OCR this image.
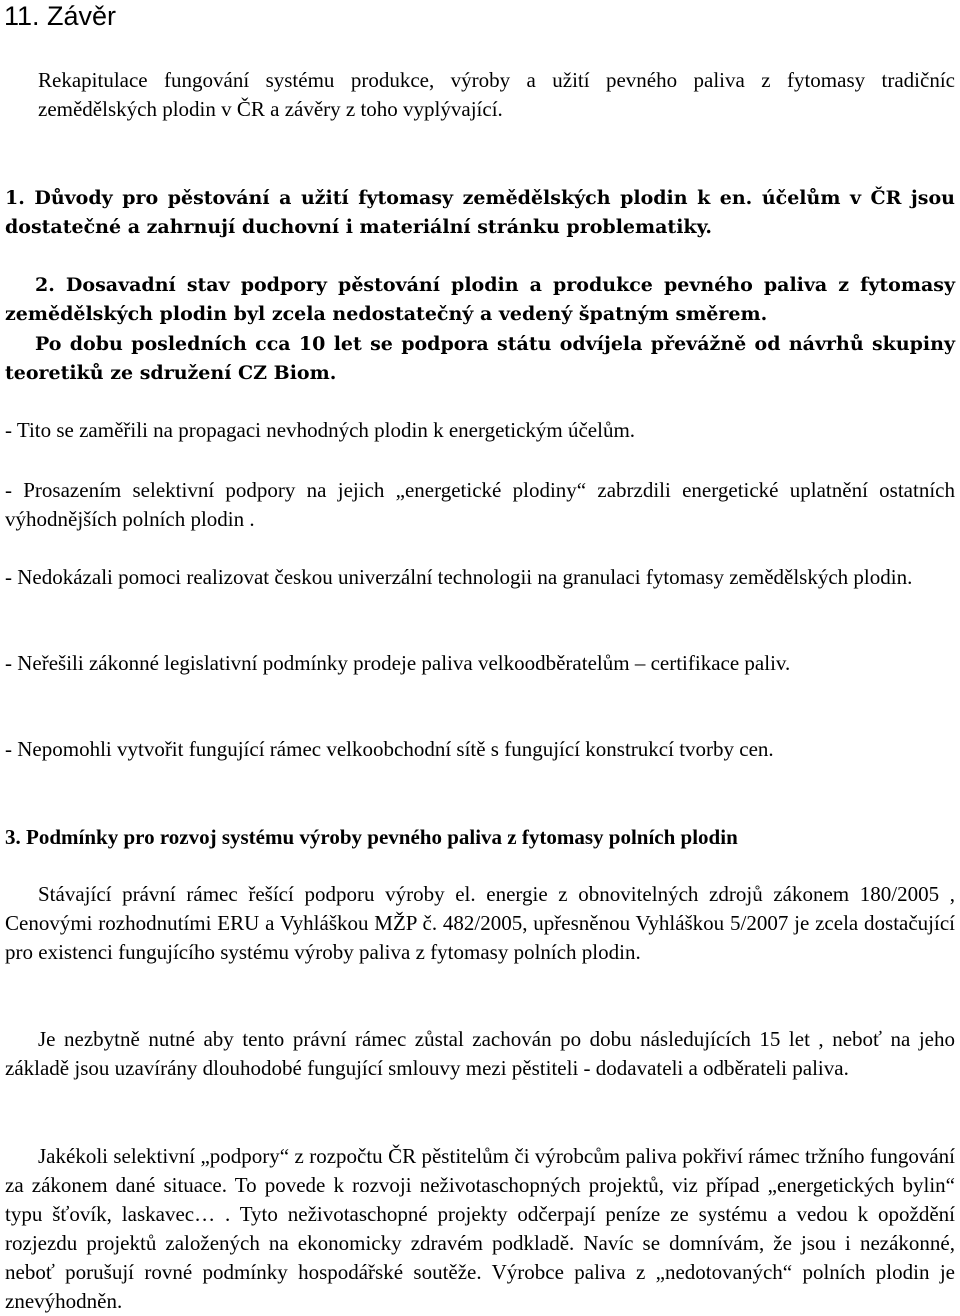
11. Závěr

Rekapitulace fungování systému produkce, výroby a užití pevného paliva z fytomasy tradičníc zemědělských plodin v ČR a závěry z toho vyplývající.

1. Důvody pro pěstování a užití fytomasy zemědělských plodin k en. účelům v ČR jsou dostatečné a zahrnují duchovní i materiální stránku problematiky.

2. Dosavadní stav podpory pěstování plodin a produkce pevného paliva z fytomasy zemědělských plodin byl zcela nedostatečný a vedený špatným směrem.

Po dobu posledních cca 10 let se podpora státu odvíjela převážně od návrhů skupiny teoretiků ze sdružení CZ Biom.

- Tito se zaměřili na propagaci nevhodných plodin k energetickým účelům.

- Prosazením selektivní podpory na jejich „energetické plodiny“ zabrzdili energetické uplatnění ostatních výhodnějších polních plodin .

- Nedokázali pomoci realizovat českou univerzální technologii na granulaci fytomasy zemědělských plodin.

- Neřešili zákonné legislativní podmínky prodeje paliva velkoodběratelům – certifikace paliv.

- Nepomohli vytvořit fungující rámec velkoobchodní sítě s fungující konstrukcí tvorby cen.

3. Podmínky pro rozvoj systému výroby pevného paliva z fytomasy polních plodin

Stávající právní rámec řešící podporu výroby el. energie z obnovitelných zdrojů zákonem 180/2005 , Cenovými rozhodnutími ERU a Vyhláškou MŽP č. 482/2005, upřesněnou Vyhláškou 5/2007 je zcela dostačující pro existenci fungujícího systému výroby paliva z fytomasy polních plodin.

Je nezbytně nutné aby tento právní rámec zůstal zachován po dobu následujících 15 let , neboť na jeho základě jsou uzavírány dlouhodobé fungující smlouvy mezi pěstiteli - dodavateli a odběrateli paliva.

Jakékoli selektivní „podpory“ z rozpočtu ČR pěstitelům či výrobcům paliva pokřiví rámec tržního fungování za zákonem dané situace. To povede k rozvoji neživotaschopných projektů, viz případ „energetických bylin“ typu šťovík, laskavec… . Tyto neživotaschopné projekty odčerpají peníze ze systému a vedou k opoždění rozjezdu projektů založených na ekonomicky zdravém podkladě. Navíc se domnívám, že jsou i nezákonné, neboť porušují rovné podmínky hospodářské soutěže. Výrobce paliva z „nedotovaných“ polních plodin je znevýhodněn.
